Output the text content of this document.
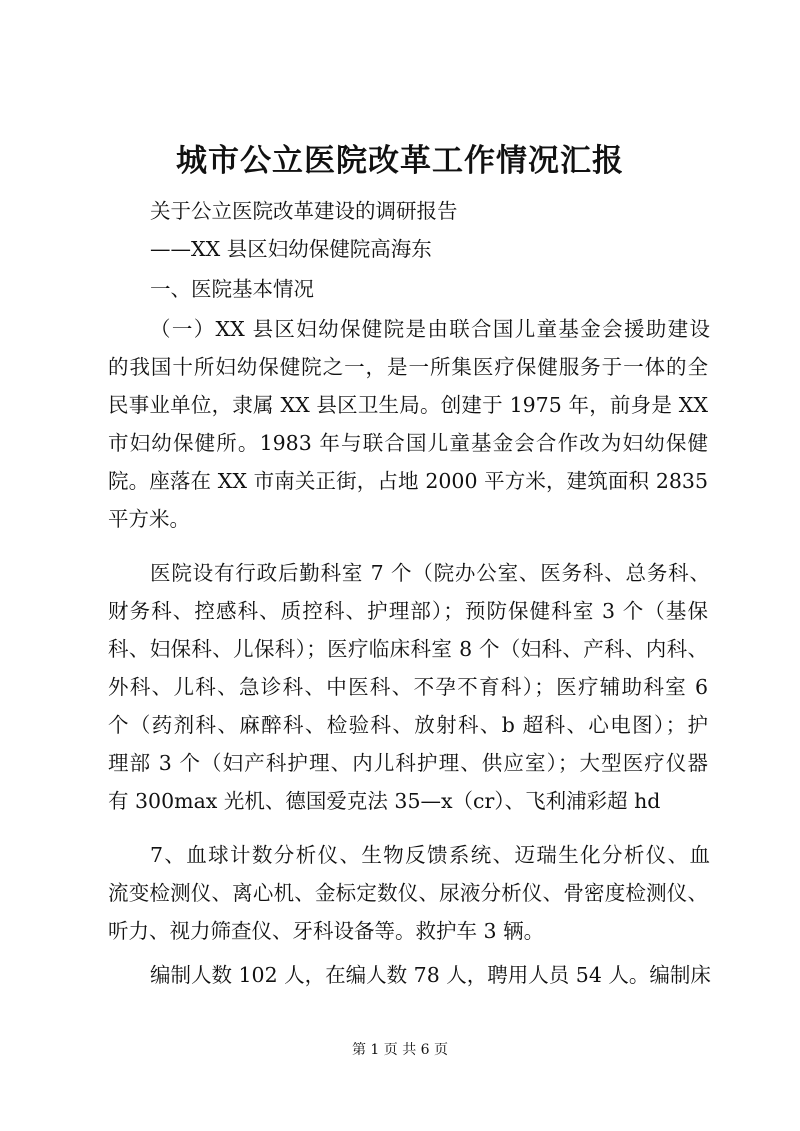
城市公立医院改革工作情况汇报

关于公立医院改革建设的调研报告

——XX 县区妇幼保健院高海东

一、医院基本情况

（一）XX 县区妇幼保健院是由联合国儿童基金会援助建设

的我国十所妇幼保健院之一，是一所集医疗保健服务于一体的全

民事业单位，隶属 XX 县区卫生局。创建于 1975 年，前身是 XX

市妇幼保健所。1983 年与联合国儿童基金会合作改为妇幼保健

院。座落在 XX 市南关正街，占地 2000 平方米，建筑面积 2835

平方米。

医院设有行政后勤科室 7 个（院办公室、医务科、总务科、

财务科、控感科、质控科、护理部）；预防保健科室 3 个（基保

科、妇保科、儿保科）；医疗临床科室 8 个（妇科、产科、内科、

外科、儿科、急诊科、中医科、不孕不育科）；医疗辅助科室 6

个（药剂科、麻醉科、检验科、放射科、b 超科、心电图）；护

理部 3 个（妇产科护理、内儿科护理、供应室）；大型医疗仪器

有 300max 光机、德国爱克法 35—x（cr）、飞利浦彩超 hd

7、血球计数分析仪、生物反馈系统、迈瑞生化分析仪、血

流变检测仪、离心机、金标定数仪、尿液分析仪、骨密度检测仪、

听力、视力筛查仪、牙科设备等。救护车 3 辆。

编制人数 102 人，在编人数 78 人，聘用人员 54 人。编制床

第 1 页 共 6 页
